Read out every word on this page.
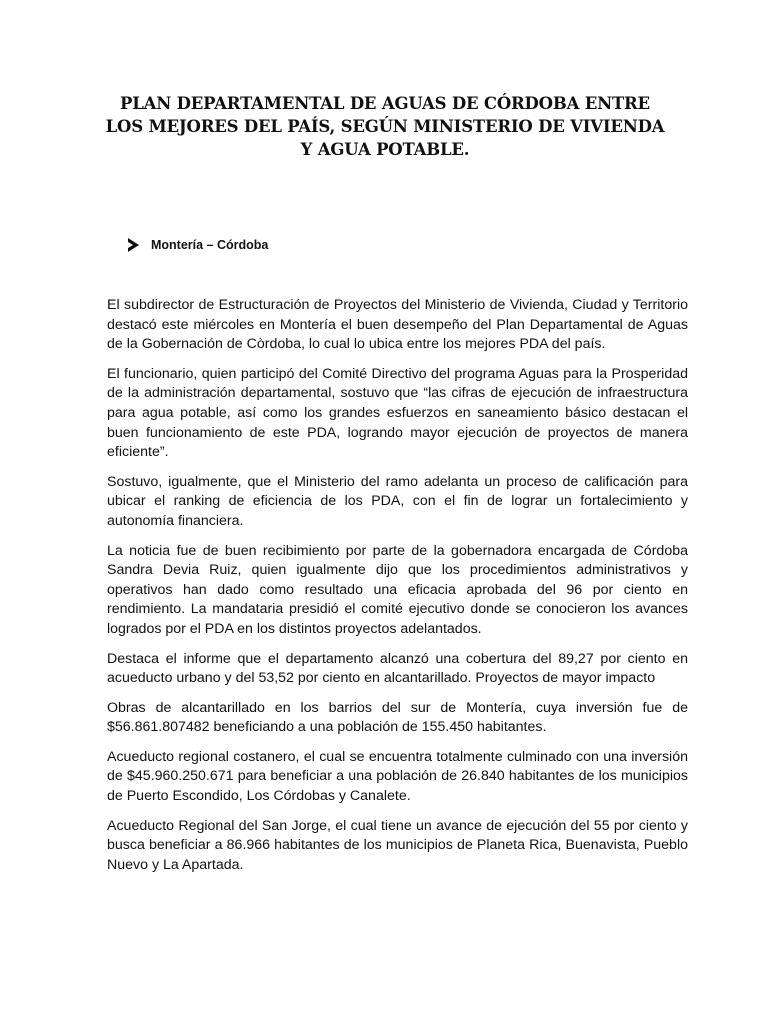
PLAN DEPARTAMENTAL DE AGUAS DE CÓRDOBA ENTRE LOS MEJORES DEL PAÍS, SEGÚN MINISTERIO DE VIVIENDA Y AGUA POTABLE.
Montería – Córdoba

El subdirector de Estructuración de Proyectos del Ministerio de Vivienda, Ciudad y Territorio destacó este miércoles en Montería el buen desempeño del Plan Departamental de Aguas de la Gobernación de Còrdoba, lo cual lo ubica entre los mejores PDA del país.

El funcionario, quien participó del Comité Directivo del programa Aguas para la Prosperidad de la administración departamental, sostuvo que “las cifras de ejecución de infraestructura para agua potable, así como los grandes esfuerzos en saneamiento básico destacan el buen funcionamiento de este PDA, logrando mayor ejecución de proyectos de manera eficiente”.

Sostuvo, igualmente, que el Ministerio del ramo adelanta un proceso de calificación para ubicar el ranking de eficiencia de los PDA, con el fin de lograr un fortalecimiento y autonomía financiera.

La noticia fue de buen recibimiento por parte de la gobernadora encargada de Córdoba Sandra Devia Ruiz, quien igualmente dijo que los procedimientos administrativos y operativos han dado como resultado una eficacia aprobada del 96 por ciento en rendimiento. La mandataria presidió el comité ejecutivo donde se conocieron los avances logrados por el PDA en los distintos proyectos adelantados.

Destaca el informe que el departamento alcanzó una cobertura del 89,27 por ciento en acueducto urbano y del 53,52 por ciento en alcantarillado. Proyectos de mayor impacto

Obras de alcantarillado en los barrios del sur de Montería, cuya inversión fue de $56.861.807482 beneficiando a una población de 155.450 habitantes.

Acueducto regional costanero, el cual se encuentra totalmente culminado con una inversión de $45.960.250.671 para beneficiar a una población de 26.840 habitantes de los municipios de Puerto Escondido, Los Córdobas y Canalete.

Acueducto Regional del San Jorge, el cual tiene un avance de ejecución del 55 por ciento y busca beneficiar a 86.966 habitantes de los municipios de Planeta Rica, Buenavista, Pueblo Nuevo y La Apartada.
